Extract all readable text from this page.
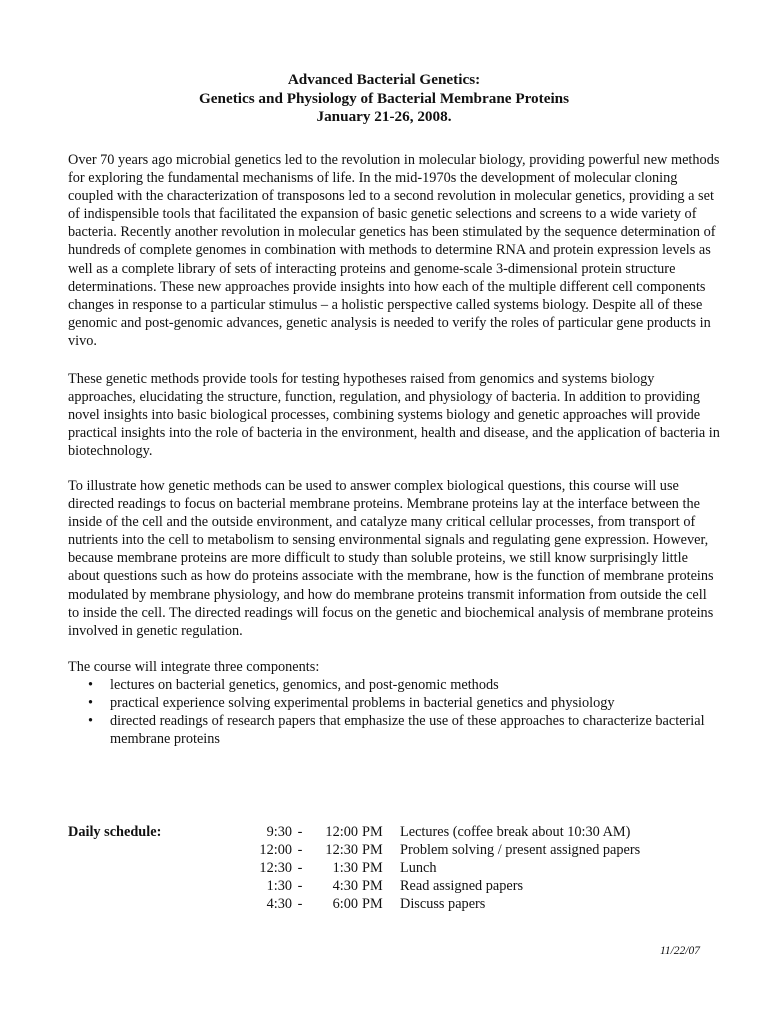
Advanced Bacterial Genetics:
Genetics and Physiology of Bacterial Membrane Proteins
January 21-26, 2008.

Over 70 years ago microbial genetics led to the revolution in molecular biology, providing powerful new methods for exploring the fundamental mechanisms of life. In the mid-1970s the development of molecular cloning coupled with the characterization of transposons led to a second revolution in molecular genetics, providing a set of indispensible tools that facilitated the expansion of basic genetic selections and screens to a wide variety of bacteria. Recently another revolution in molecular genetics has been stimulated by the sequence determination of hundreds of complete genomes in combination with methods to determine RNA and protein expression levels as well as a complete library of sets of interacting proteins and genome-scale 3-dimensional protein structure determinations. These new approaches provide insights into how each of the multiple different cell components changes in response to a particular stimulus – a holistic perspective called systems biology. Despite all of these genomic and post-genomic advances, genetic analysis is needed to verify the roles of particular gene products in vivo.

These genetic methods provide tools for testing hypotheses raised from genomics and systems biology approaches, elucidating the structure, function, regulation, and physiology of bacteria. In addition to providing novel insights into basic biological processes, combining systems biology and genetic approaches will provide practical insights into the role of bacteria in the environment, health and disease, and the application of bacteria in biotechnology.

To illustrate how genetic methods can be used to answer complex biological questions, this course will use directed readings to focus on bacterial membrane proteins. Membrane proteins lay at the interface between the inside of the cell and the outside environment, and catalyze many critical cellular processes, from transport of nutrients into the cell to metabolism to sensing environmental signals and regulating gene expression. However, because membrane proteins are more difficult to study than soluble proteins, we still know surprisingly little about questions such as how do proteins associate with the membrane, how is the function of membrane proteins modulated by membrane physiology, and how do membrane proteins transmit information from outside the cell to inside the cell. The directed readings will focus on the genetic and biochemical analysis of membrane proteins involved in genetic regulation.

The course will integrate three components:
• lectures on bacterial genetics, genomics, and post-genomic methods
• practical experience solving experimental problems in bacterial genetics and physiology
• directed readings of research papers that emphasize the use of these approaches to characterize bacterial membrane proteins
Daily schedule:	9:30 -	12:00 PM Lectures (coffee break about 10:30 AM)
12:00 -	12:30 PM Problem solving / present assigned papers
12:30 -	1:30 PM Lunch
1:30 -	4:30 PM Read assigned papers
4:30 -	6:00 PM Discuss papers
11/22/07
